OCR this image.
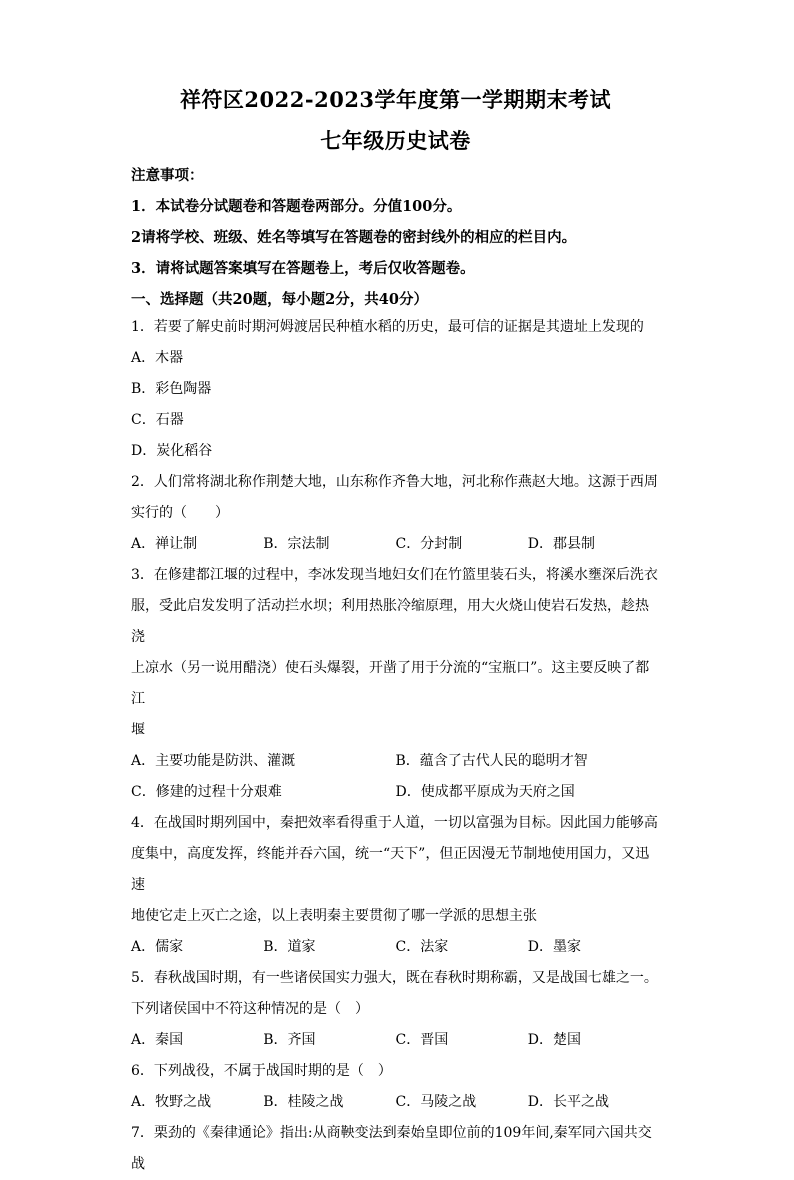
祥符区2022-2023学年度第一学期期末考试
七年级历史试卷
注意事项：
1．本试卷分试题卷和答题卷两部分。分值100分。
2请将学校、班级、姓名等填写在答题卷的密封线外的相应的栏目内。
3．请将试题答案填写在答题卷上，考后仅收答题卷。
一、选择题（共20题，每小题2分，共40分）
1．若要了解史前时期河姆渡居民种植水稻的历史，最可信的证据是其遗址上发现的
A．木器
B．彩色陶器
C．石器
D．炭化稻谷
2．人们常将湖北称作荆楚大地，山东称作齐鲁大地，河北称作燕赵大地。这源于西周
实行的（　　）
A．禅让制	B．宗法制	C．分封制	D．郡县制
3．在修建都江堰的过程中，李冰发现当地妇女们在竹篮里装石头，将溪水壅深后洗衣
服，受此启发发明了活动拦水坝；利用热胀冷缩原理，用大火烧山使岩石发热，趁热浇
上凉水（另一说用醋浇）使石头爆裂，开凿了用于分流的“宝瓶口”。这主要反映了都江
堰
A．主要功能是防洪、灌溉	B．蕴含了古代人民的聪明才智
C．修建的过程十分艰难	D．使成都平原成为天府之国
4．在战国时期列国中，秦把效率看得重于人道，一切以富强为目标。因此国力能够高
度集中，高度发挥，终能并吞六国，统一“天下”，但正因漫无节制地使用国力，又迅速
地使它走上灭亡之途，以上表明秦主要贯彻了哪一学派的思想主张
A．儒家	B．道家	C．法家	D．墨家
5．春秋战国时期，有一些诸侯国实力强大，既在春秋时期称霸，又是战国七雄之一。
下列诸侯国中不符这种情况的是（　）
A．秦国	B．齐国	C．晋国	D．楚国
6．下列战役，不属于战国时期的是（　）
A．牧野之战	B．桂陵之战	C．马陵之战	D．长平之战
7．栗劲的《秦律通论》指出:从商鞅变法到秦始皇即位前的109年间,秦军同六国共交战
